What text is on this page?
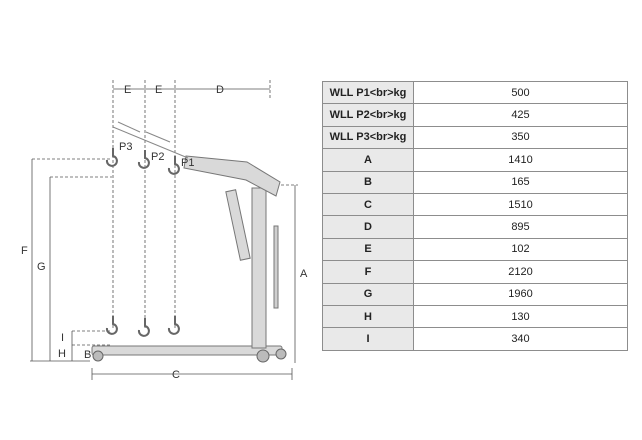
E E	D
F
G
I
H B
A
C
P3
P2 P1
WLL P1<br>kg	500
WLL P2<br>kg	425
WLL P3<br>kg	350
A	1410
B	165
C	1510
D	895
E	102
F	2120
G	1960
H	130
I	340
